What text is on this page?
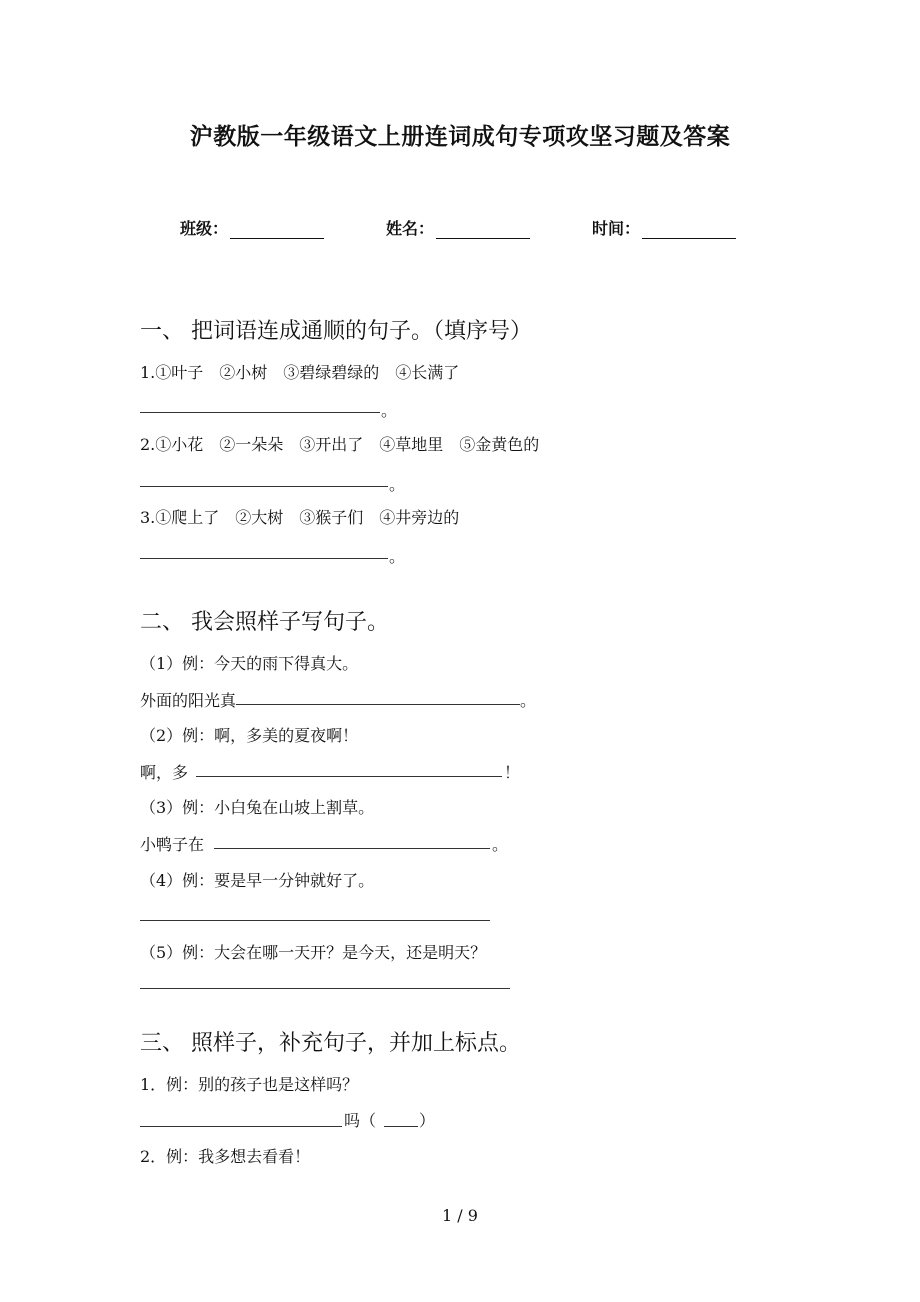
沪教版一年级语文上册连词成句专项攻坚习题及答案
班级：	姓名：	时间：
一、 把词语连成通顺的句子。（填序号）
1.①叶子　②小树　③碧绿碧绿的　④长满了
。
2.①小花　②一朵朵　③开出了　④草地里　⑤金黄色的
。
3.①爬上了　②大树　③猴子们　④井旁边的
。
二、 我会照样子写句子。
（1）例：今天的雨下得真大。
外面的阳光真	。
（2）例：啊，多美的夏夜啊！
啊，多	！
（3）例：小白兔在山坡上割草。
小鸭子在	。
（4）例：要是早一分钟就好了。
（5）例：大会在哪一天开？是今天，还是明天？
三、 照样子，补充句子，并加上标点。
1．例：别的孩子也是这样吗？
吗（	）
2．例：我多想去看看！
1 / 9
